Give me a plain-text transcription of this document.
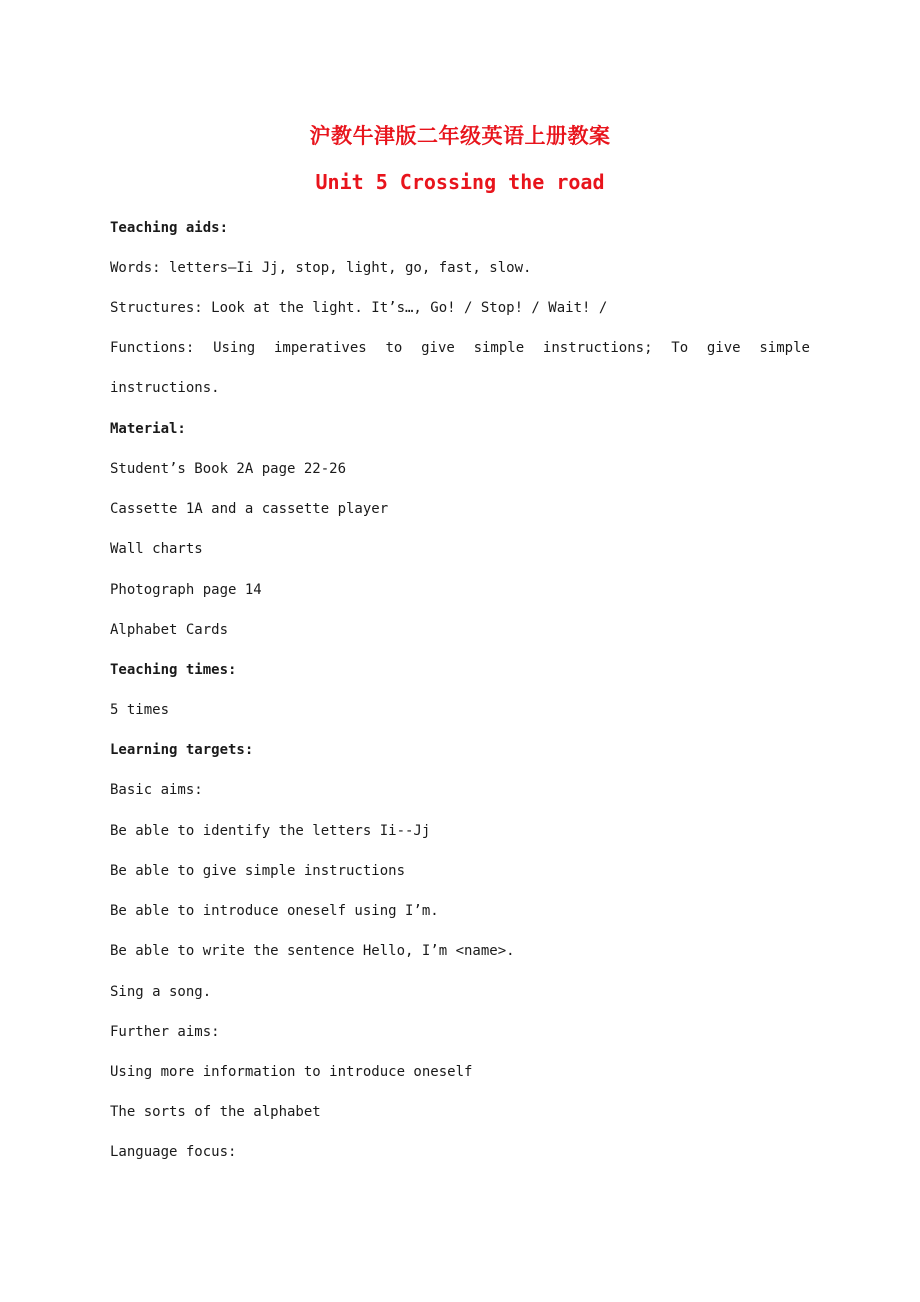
沪教牛津版二年级英语上册教案
Unit 5 Crossing the road
Teaching aids:
Words: letters—Ii Jj, stop, light, go, fast, slow.
Structures: Look at the light. It’s…, Go! / Stop! / Wait! /
Functions: Using imperatives to give simple instructions; To give simple
instructions.
Material:
Student’s Book 2A page 22-26
Cassette 1A and a cassette player
Wall charts
Photograph page 14
Alphabet Cards
Teaching times:
5 times
Learning targets:
Basic aims:
Be able to identify the letters Ii--Jj
Be able to give simple instructions
Be able to introduce oneself using I’m.
Be able to write the sentence Hello, I’m <name>.
Sing a song.
Further aims:
Using more information to introduce oneself
The sorts of the alphabet
Language focus:
